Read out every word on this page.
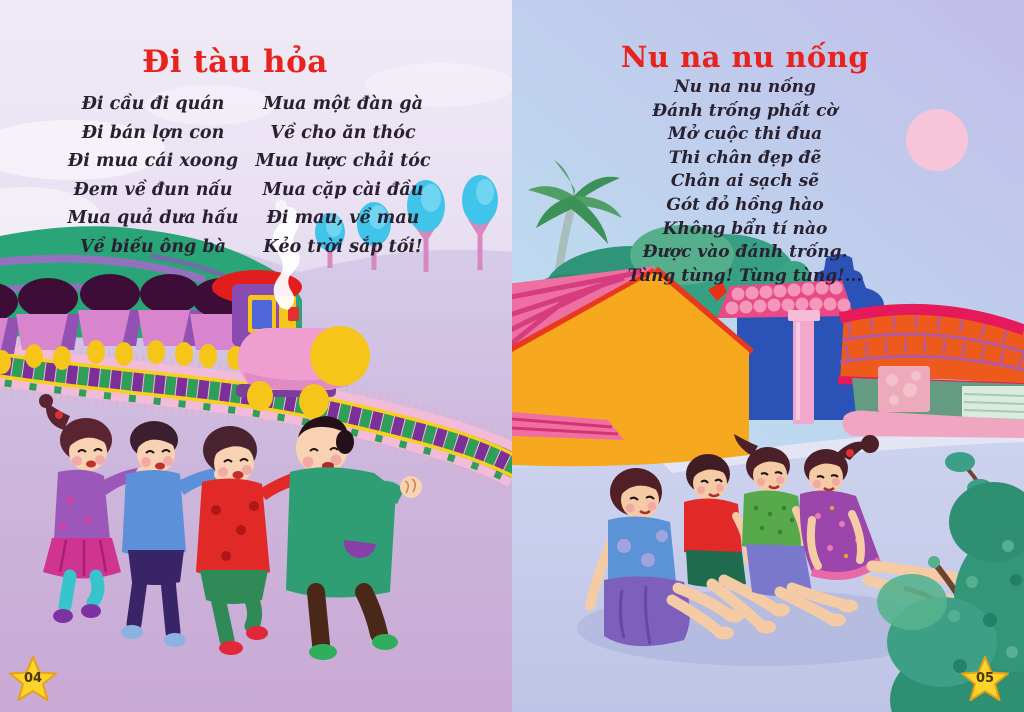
Đi tàu hỏa
Đi cầu đi quán
Đi bán lợn con
Đi mua cái xoong
Đem về đun nấu
Mua quả dưa hấu
Về biếu ông bà
Mua một đàn gà
Về cho ăn thóc
Mua lược chải tóc
Mua cặp cài đầu
Đi mau, về mau
Kẻo trời sắp tối!
04
Nu na nu nống
Nu na nu nống
Đánh trống phất cờ
Mở cuộc thi đua
Thi chân đẹp đẽ
Chân ai sạch sẽ
Gót đỏ hồng hào
Không bẩn tí nào
Được vào đánh trống.
Tùng tùng! Tùng tùng!...
05
